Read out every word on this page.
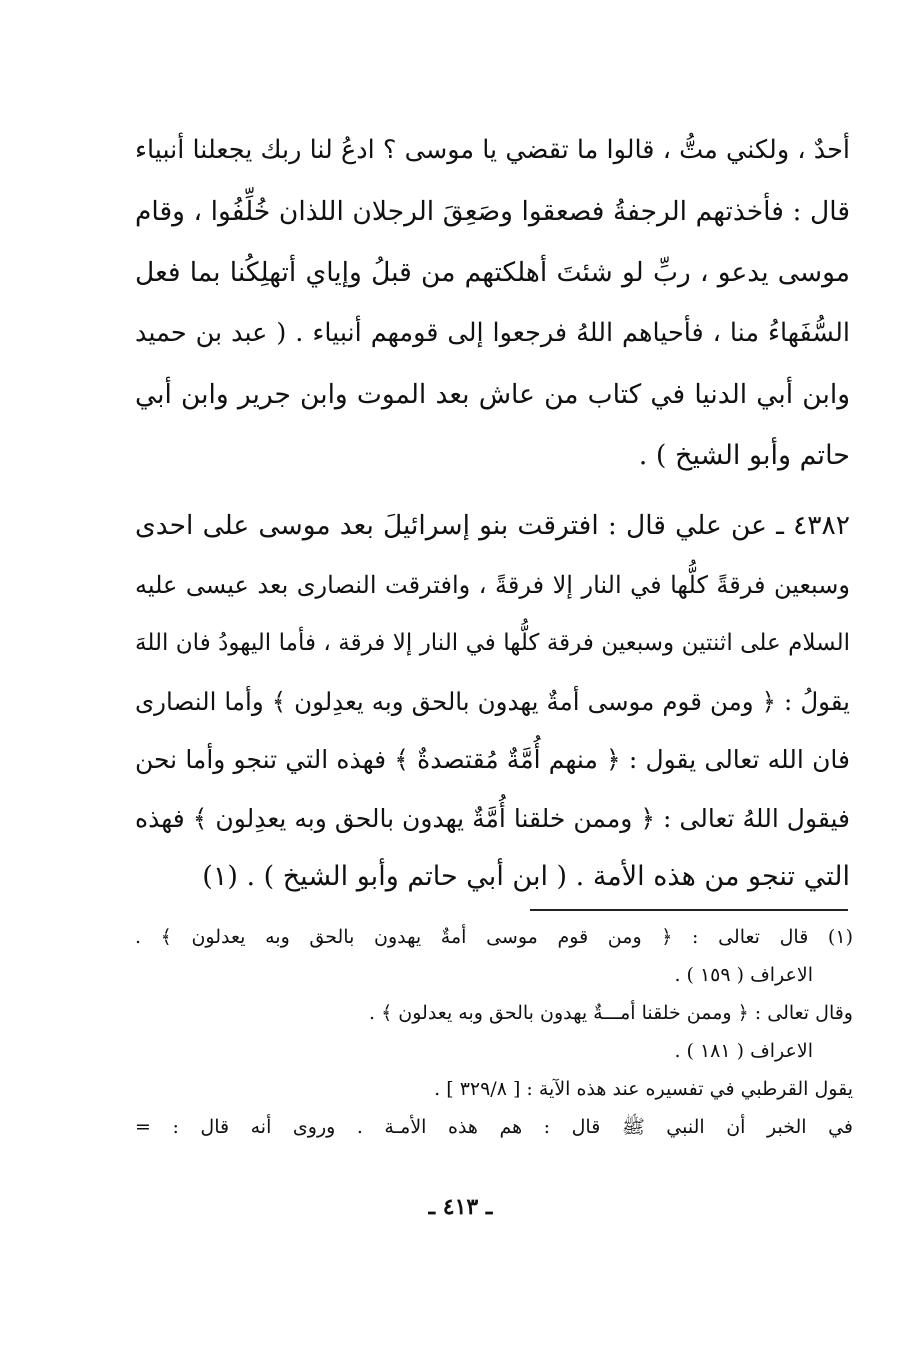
أحدٌ ، ولكني متُّ ، قالوا ما تقضي يا موسى ؟ ادعُ لنا ربك يجعلنا أنبياء
قال : فأخذتهم الرجفةُ فصعقوا وصَعِقَ الرجلان اللذان خُلِّفُوا ، وقام
موسى يدعو ، ربِّ لو شئتَ أهلكتهم من قبلُ وإياي أتهلِكُنا بما فعل
السُّفَهاءُ منا ، فأحياهم اللهُ فرجعوا إلى قومهم أنبياء . ( عبد بن حميد
وابن أبي الدنيا في كتاب من عاش بعد الموت وابن جرير وابن أبي
حاتم وأبو الشيخ ) .
٤٣٨٢ ـ عن علي قال : افترقت بنو إسرائيلَ بعد موسى على احدى
وسبعين فرقةً كلُّها في النار إلا فرقةً ، وافترقت النصارى بعد عيسى عليه
السلام على اثنتين وسبعين فرقة كلُّها في النار إلا فرقة ، فأما اليهودُ فان اللهَ
يقولُ : ﴿ ومن قوم موسى أمةٌ يهدون بالحق وبه يعدِلون ﴾ وأما النصارى
فان الله تعالى يقول : ﴿ منهم أُمَّةٌ مُقتصدةٌ ﴾ فهذه التي تنجو وأما نحن
فيقول اللهُ تعالى : ﴿ وممن خلقنا أُمَّةٌ يهدون بالحق وبه يعدِلون ﴾ فهذه
التي تنجو من هذه الأمة . ( ابن أبي حاتم وأبو الشيخ ) . (١)
(١) قال تعالى : ﴿ ومن قوم موسى أمةٌ يهدون بالحق وبه يعدلون ﴾ .
الاعراف ( ١٥٩ ) .
وقال تعالى : ﴿ وممن خلقنا أمـــةٌ يهدون بالحق وبه يعدلون ﴾ .
الاعراف ( ١٨١ ) .
يقول القرطبي في تفسيره عند هذه الآية : [ ٣٢٩/٨ ] .
في الخبر أن النبي ﷺ قال : هم هذه الأمـة . وروى أنه قال : =
ـ ٤١٣ ـ
